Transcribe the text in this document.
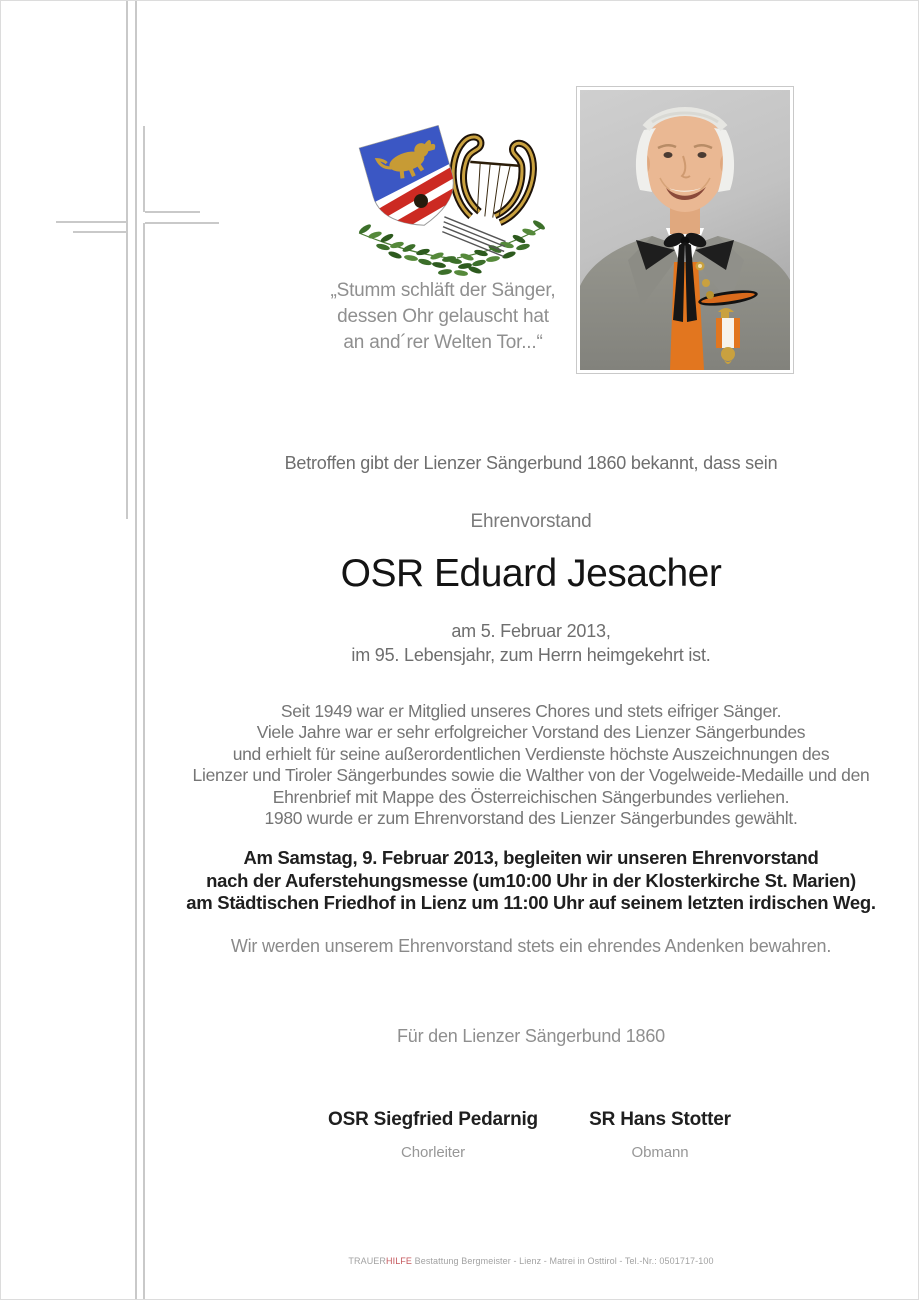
„Stumm schläft der Sänger,
dessen Ohr gelauscht hat
an and´rer Welten Tor...“
Betroffen gibt der Lienzer Sängerbund 1860 bekannt, dass sein
Ehrenvorstand
OSR Eduard Jesacher
am 5. Februar 2013,
im 95. Lebensjahr, zum Herrn heimgekehrt ist.
Seit 1949 war er Mitglied unseres Chores und stets eifriger Sänger.
Viele Jahre war er sehr erfolgreicher Vorstand des Lienzer Sängerbundes
und erhielt für seine außerordentlichen Verdienste höchste Auszeichnungen des
Lienzer und Tiroler Sängerbundes sowie die Walther von der Vogelweide-Medaille und den
Ehrenbrief mit Mappe des Österreichischen Sängerbundes verliehen.
1980 wurde er zum Ehrenvorstand des Lienzer Sängerbundes gewählt.
Am Samstag, 9. Februar 2013, begleiten wir unseren Ehrenvorstand
nach der Auferstehungsmesse (um10:00 Uhr in der Klosterkirche St. Marien)
am Städtischen Friedhof in Lienz um 11:00 Uhr auf seinem letzten irdischen Weg.
Wir werden unserem Ehrenvorstand stets ein ehrendes Andenken bewahren.
Für den Lienzer Sängerbund 1860
OSR Siegfried Pedarnig
Chorleiter
SR Hans Stotter
Obmann
TRAUERHILFE Bestattung Bergmeister - Lienz - Matrei in Osttirol - Tel.-Nr.: 0501717-100
